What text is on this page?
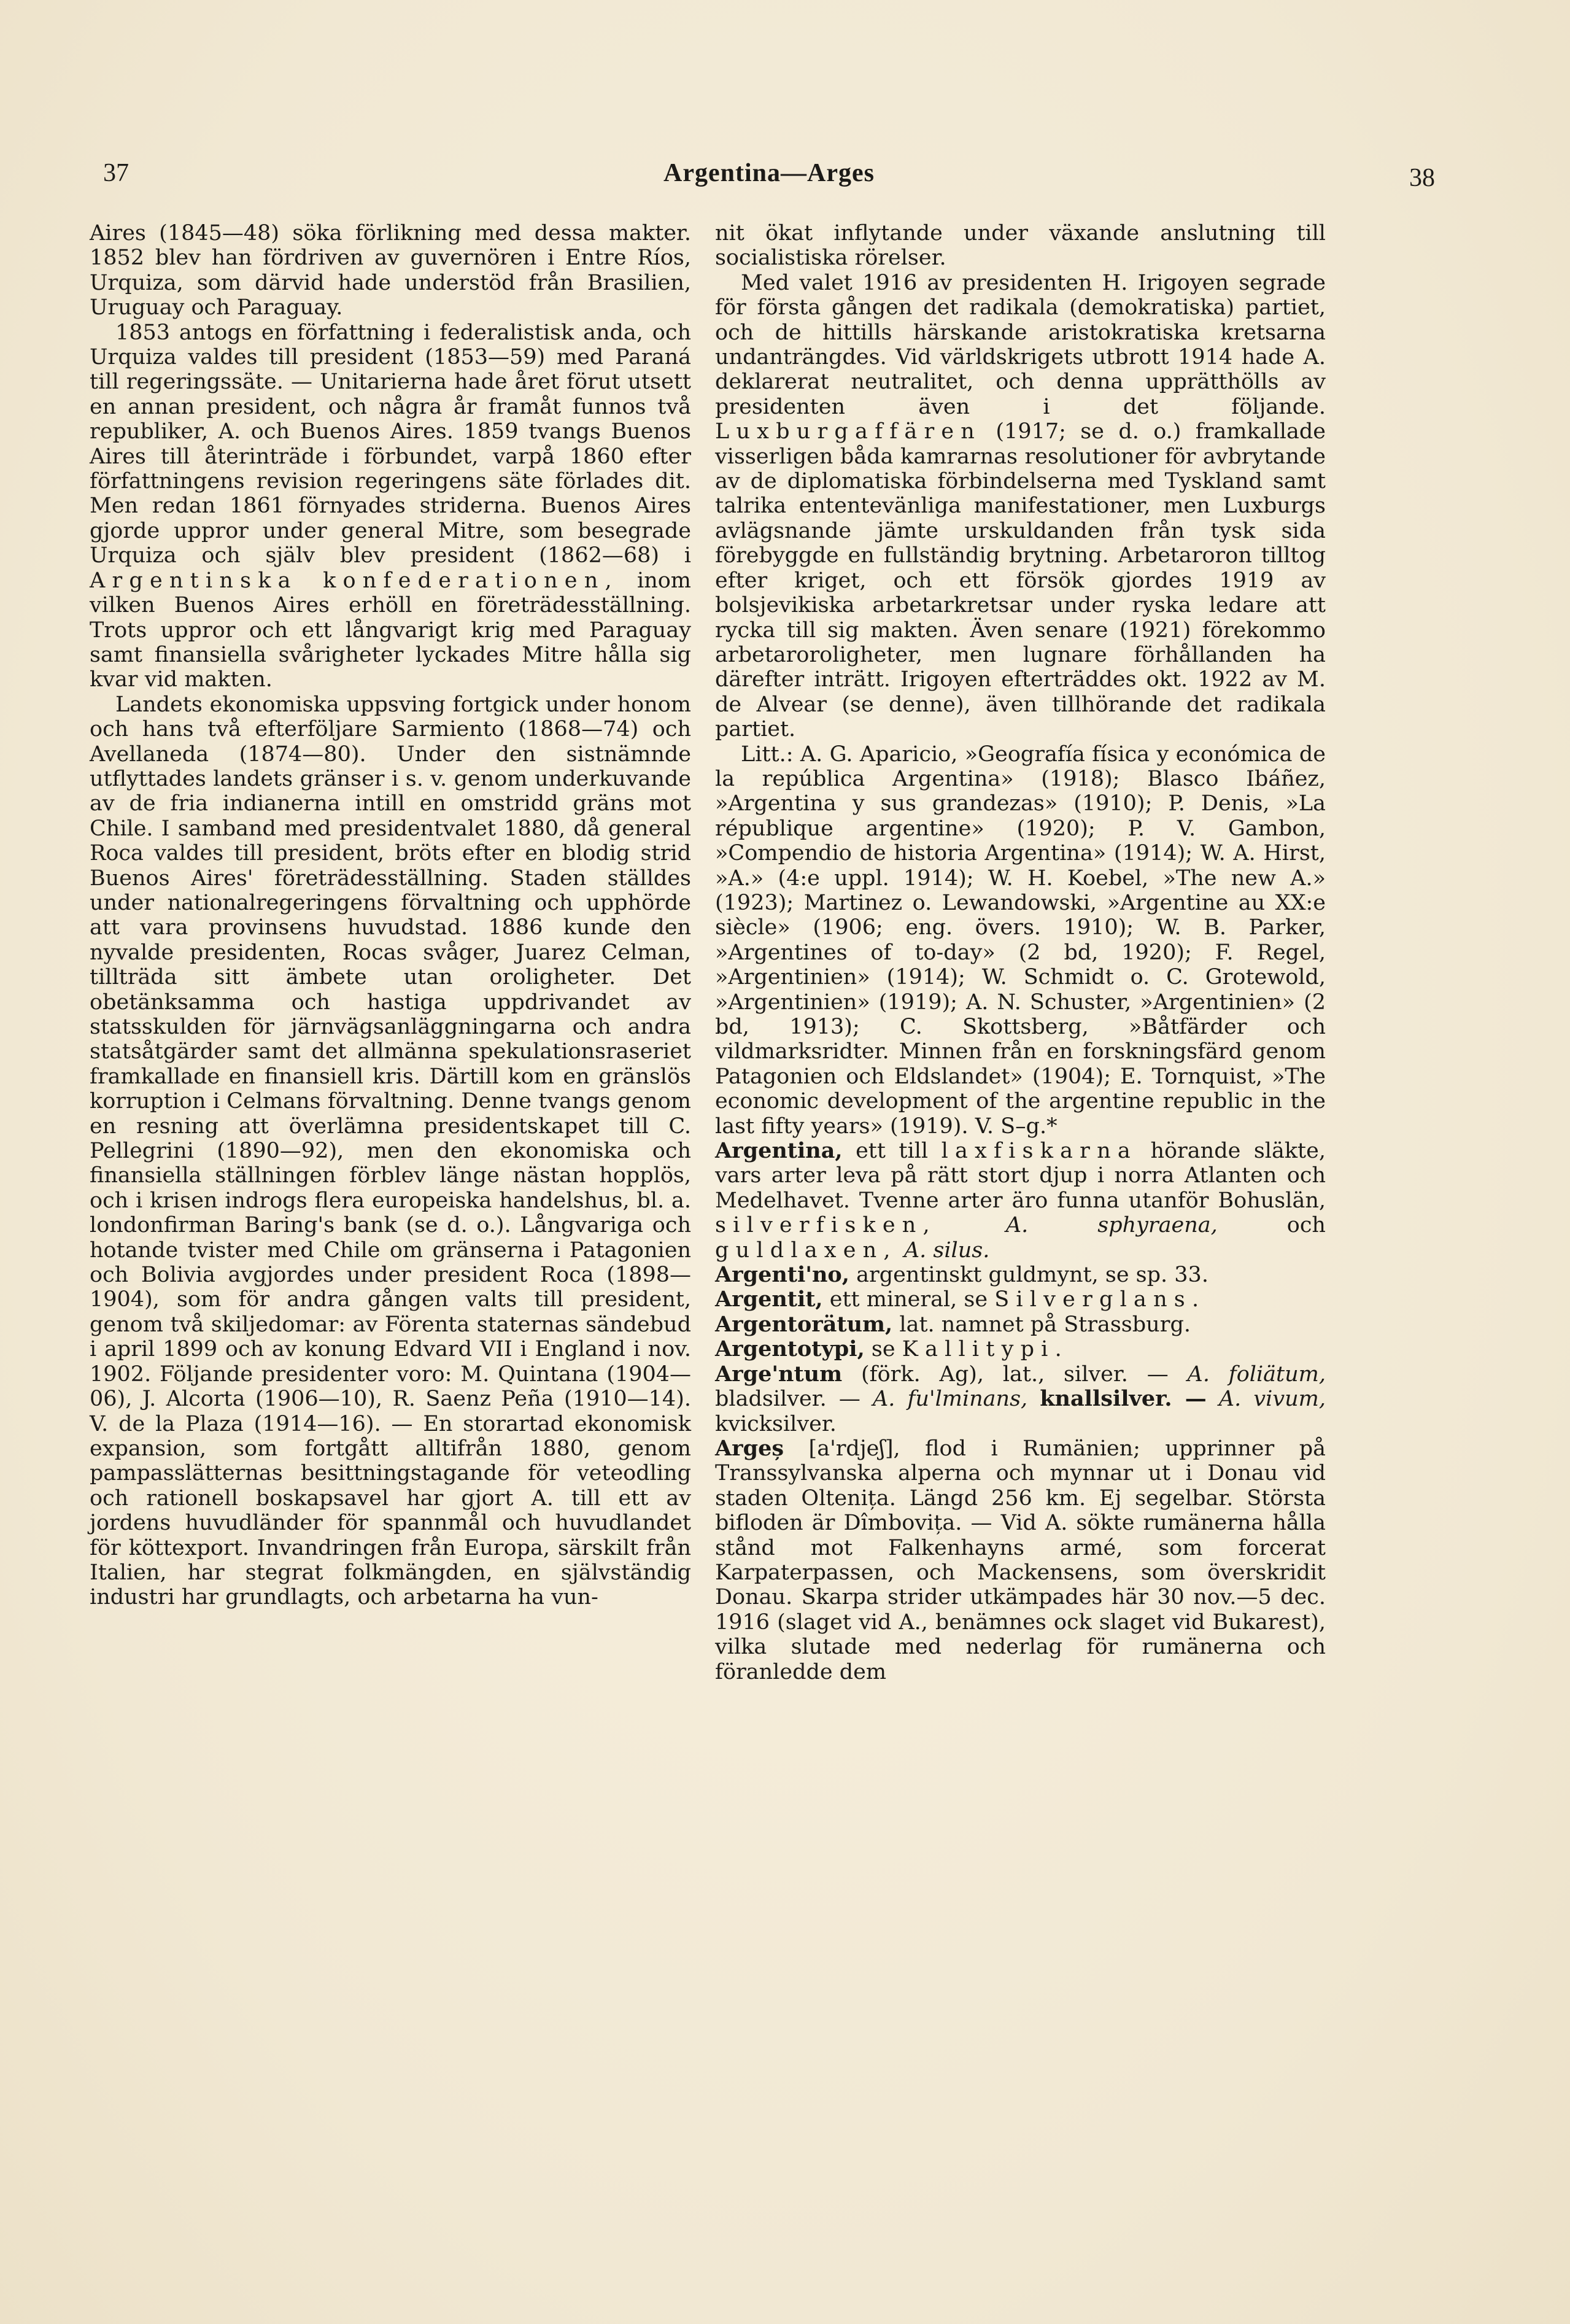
37	Argentina—Arges	38

Aires (1845—48) söka förlikning med dessa makter. 1852 blev han fördriven av guvernören i Entre Ríos, Urquiza, som därvid hade understöd från Brasilien, Uruguay och Paraguay.

1853 antogs en författning i federalistisk anda, och Urquiza valdes till president (1853—59) med Paraná till regeringssäte. — Unitarierna hade året förut utsett en annan president, och några år framåt funnos två republiker, A. och Buenos Aires. 1859 tvangs Buenos Aires till återinträde i förbundet, varpå 1860 efter författningens revision regeringens säte förlades dit. Men redan 1861 förnyades striderna. Buenos Aires gjorde uppror under general Mitre, som besegrade Urquiza och själv blev president (1862—68) i Argentinska konfederationen, inom vilken Buenos Aires erhöll en företrädesställning. Trots uppror och ett långvarigt krig med Paraguay samt finansiella svårigheter lyckades Mitre hålla sig kvar vid makten.

Landets ekonomiska uppsving fortgick under honom och hans två efterföljare Sarmiento (1868—74) och Avellaneda (1874—80). Under den sistnämnde utflyttades landets gränser i s. v. genom underkuvande av de fria indianerna intill en omstridd gräns mot Chile. I samband med presidentvalet 1880, då general Roca valdes till president, bröts efter en blodig strid Buenos Aires' företrädesställning. Staden ställdes under nationalregeringens förvaltning och upphörde att vara provinsens huvudstad. 1886 kunde den nyvalde presidenten, Rocas svåger, Juarez Celman, tillträda sitt ämbete utan oroligheter. Det obetänksamma och hastiga uppdrivandet av statsskulden för järnvägsanläggningarna och andra statsåtgärder samt det allmänna spekulationsraseriet framkallade en finansiell kris. Därtill kom en gränslös korruption i Celmans förvaltning. Denne tvangs genom en resning att överlämna presidentskapet till C. Pellegrini (1890—92), men den ekonomiska och finansiella ställningen förblev länge nästan hopplös, och i krisen indrogs flera europeiska handelshus, bl. a. londonfirman Baring's bank (se d. o.). Långvariga och hotande tvister med Chile om gränserna i Patagonien och Bolivia avgjordes under president Roca (1898—1904), som för andra gången valts till president, genom två skiljedomar: av Förenta staternas sändebud i april 1899 och av konung Edvard VII i England i nov. 1902. Följande presidenter voro: M. Quintana (1904—06), J. Alcorta (1906—10), R. Saenz Peña (1910—14). V. de la Plaza (1914—16). — En storartad ekonomisk expansion, som fortgått alltifrån 1880, genom pampasslätternas besittningstagande för veteodling och rationell boskapsavel har gjort A. till ett av jordens huvudländer för spannmål och huvudlandet för köttexport. Invandringen från Europa, särskilt från Italien, har stegrat folkmängden, en självständig industri har grundlagts, och arbetarna ha vun-

nit ökat inflytande under växande anslutning till socialistiska rörelser.

Med valet 1916 av presidenten H. Irigoyen segrade för första gången det radikala (demokratiska) partiet, och de hittills härskande aristokratiska kretsarna undanträngdes. Vid världskrigets utbrott 1914 hade A. deklarerat neutralitet, och denna upprätthölls av presidenten även i det följande. Luxburgaffären (1917; se d. o.) framkallade visserligen båda kamrarnas resolutioner för avbrytande av de diplomatiska förbindelserna med Tyskland samt talrika ententevänliga manifestationer, men Luxburgs avlägsnande jämte urskuldanden från tysk sida förebyggde en fullständig brytning. Arbetaroron tilltog efter kriget, och ett försök gjordes 1919 av bolsjevikiska arbetarkretsar under ryska ledare att rycka till sig makten. Även senare (1921) förekommo arbetaroroligheter, men lugnare förhållanden ha därefter inträtt. Irigoyen efterträddes okt. 1922 av M. de Alvear (se denne), även tillhörande det radikala partiet.

Litt.: A. G. Aparicio, »Geografía física y económica de la república Argentina» (1918); Blasco Ibáñez, »Argentina y sus grandezas» (1910); P. Denis, »La république argentine» (1920); P. V. Gambon, »Compendio de historia Argentina» (1914); W. A. Hirst, »A.» (4:e uppl. 1914); W. H. Koebel, »The new A.» (1923); Martinez o. Lewandowski, »Argentine au XX:e siècle» (1906; eng. övers. 1910); W. B. Parker, »Argentines of to-day» (2 bd, 1920); F. Regel, »Argentinien» (1914); W. Schmidt o. C. Grotewold, »Argentinien» (1919); A. N. Schuster, »Argentinien» (2 bd, 1913); C. Skottsberg, »Båtfärder och vildmarksridter. Minnen från en forskningsfärd genom Patagonien och Eldslandet» (1904); E. Tornquist, »The economic development of the argentine republic in the last fifty years» (1919). V. S–g.*

Argentina, ett till laxfiskarna hörande släkte, vars arter leva på rätt stort djup i norra Atlanten och Medelhavet. Tvenne arter äro funna utanför Bohuslän, silverfisken,	A. sphyraena,	och guldlaxen, A. silus.

Argenti'no, argentinskt guldmynt, se sp. 33.

Argentit, ett mineral, se Silverglans.

Argentorätum, lat. namnet på Strassburg.

Argentotypi, se Kallitypi.

Arge'ntum (förk. Ag), lat., silver. — A. foliätum, bladsilver. — A. fu'lminans, knallsilver. — A. vivum, kvicksilver.

Argeș [a'rdjeʃ], flod i Rumänien; upprinner på Transsylvanska alperna och mynnar ut i Donau vid staden Oltenița. Längd 256 km. Ej segelbar. Största bifloden är Dîmbovița. — Vid A. sökte rumänerna hålla stånd mot Falkenhayns armé, som forcerat Karpaterpassen, och Mackensens, som överskridit Donau. Skarpa strider utkämpades här 30 nov.—5 dec. 1916 (slaget vid A., benämnes ock slaget vid Bukarest), vilka slutade med nederlag för rumänerna och föranledde dem
